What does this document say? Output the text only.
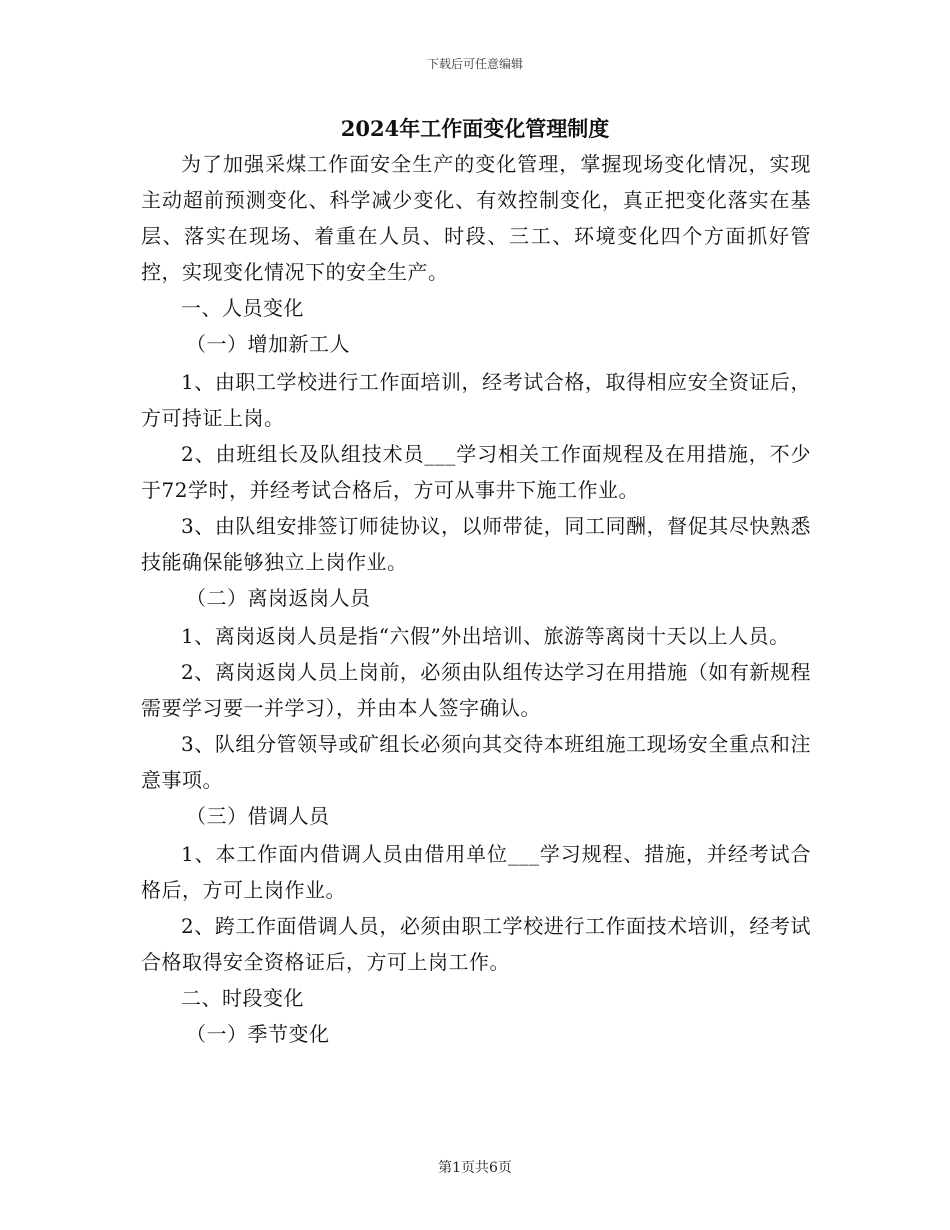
下载后可任意编辑
2024年工作面变化管理制度

为了加强采煤工作面安全生产的变化管理，掌握现场变化情况，实现主动超前预测变化、科学减少变化、有效控制变化，真正把变化落实在基层、落实在现场、着重在人员、时段、三工、环境变化四个方面抓好管控，实现变化情况下的安全生产。

一、人员变化

（一）增加新工人

1、由职工学校进行工作面培训，经考试合格，取得相应安全资证后，方可持证上岗。

2、由班组长及队组技术员___学习相关工作面规程及在用措施，不少于72学时，并经考试合格后，方可从事井下施工作业。

3、由队组安排签订师徒协议，以师带徒，同工同酬，督促其尽快熟悉技能确保能够独立上岗作业。

（二）离岗返岗人员

1、离岗返岗人员是指“六假”外出培训、旅游等离岗十天以上人员。

2、离岗返岗人员上岗前，必须由队组传达学习在用措施（如有新规程需要学习要一并学习），并由本人签字确认。

3、队组分管领导或矿组长必须向其交待本班组施工现场安全重点和注意事项。

（三）借调人员

1、本工作面内借调人员由借用单位___学习规程、措施，并经考试合格后，方可上岗作业。

2、跨工作面借调人员，必须由职工学校进行工作面技术培训，经考试合格取得安全资格证后，方可上岗工作。

二、时段变化

（一）季节变化

第1页共6页
